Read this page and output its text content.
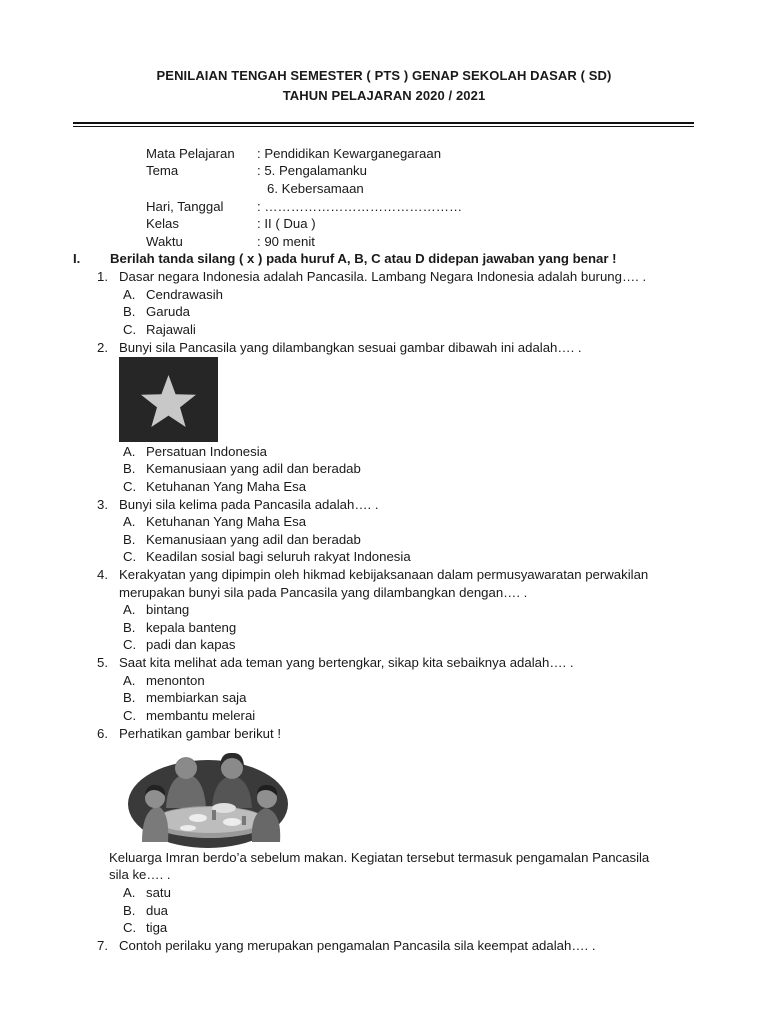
PENILAIAN TENGAH SEMESTER ( PTS ) GENAP SEKOLAH DASAR ( SD)
TAHUN PELAJARAN 2020 / 2021
Mata Pelajaran : Pendidikan Kewarganegaraan
Tema	: 5. Pengalamanku
6. Kebersamaan
Hari, Tanggal	: ………………………………………
Kelas	: II ( Dua )
Waktu	: 90 menit
I. Berilah tanda silang ( x ) pada huruf A, B, C atau D didepan jawaban yang benar !
1. Dasar negara Indonesia adalah Pancasila. Lambang Negara Indonesia adalah burung…. .
A. Cendrawasih
B. Garuda
C. Rajawali
2. Bunyi sila Pancasila yang dilambangkan sesuai gambar dibawah ini adalah…. .
A. Persatuan Indonesia
B. Kemanusiaan yang adil dan beradab
C. Ketuhanan Yang Maha Esa
3. Bunyi sila kelima pada Pancasila adalah…. .
A. Ketuhanan Yang Maha Esa
B. Kemanusiaan yang adil dan beradab
C. Keadilan sosial bagi seluruh rakyat Indonesia
4. Kerakyatan yang dipimpin oleh hikmad kebijaksanaan dalam permusyawaratan perwakilan
merupakan bunyi sila pada Pancasila yang dilambangkan dengan…. .
A. bintang
B. kepala banteng
C. padi dan kapas
5. Saat kita melihat ada teman yang bertengkar, sikap kita sebaiknya adalah…. .
A. menonton
B. membiarkan saja
C. membantu melerai
6. Perhatikan gambar berikut !
Keluarga Imran berdo’a sebelum makan. Kegiatan tersebut termasuk pengamalan Pancasila
sila ke…. .
A. satu
B. dua
C. tiga
7. Contoh perilaku yang merupakan pengamalan Pancasila sila keempat adalah…. .
